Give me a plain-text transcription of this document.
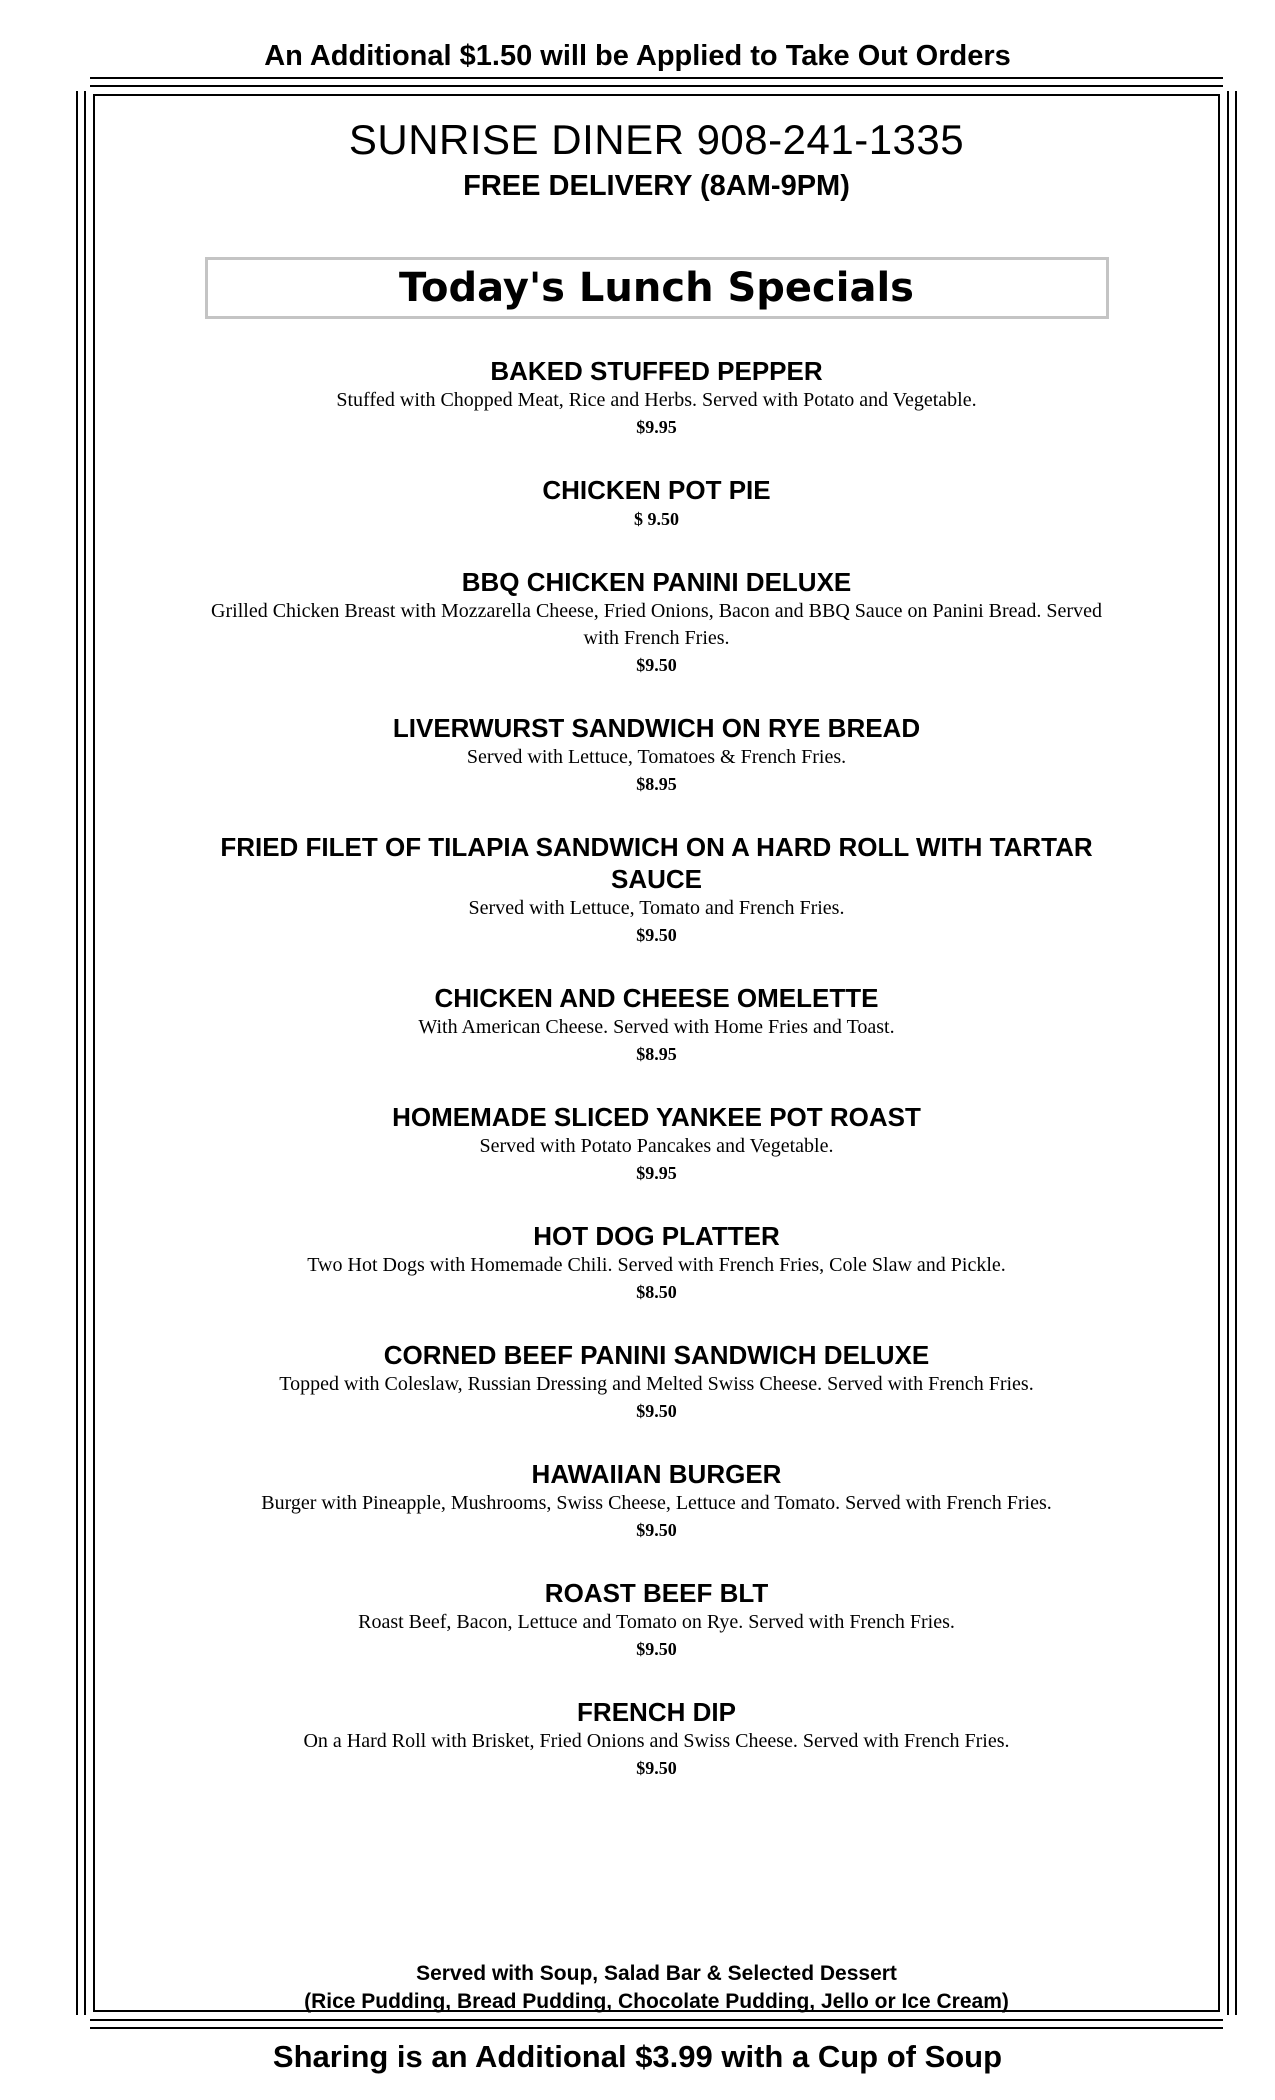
An Additional $1.50 will be Applied to Take Out Orders
SUNRISE DINER 908-241-1335
FREE DELIVERY (8AM-9PM)
Today's Lunch Specials
BAKED STUFFED PEPPER
Stuffed with Chopped Meat, Rice and Herbs. Served with Potato and Vegetable.
$9.95
CHICKEN POT PIE
$ 9.50
BBQ CHICKEN PANINI DELUXE
Grilled Chicken Breast with Mozzarella Cheese, Fried Onions, Bacon and BBQ Sauce on Panini Bread. Served with French Fries.
$9.50
LIVERWURST SANDWICH ON RYE BREAD
Served with Lettuce, Tomatoes & French Fries.
$8.95
FRIED FILET OF TILAPIA SANDWICH ON A HARD ROLL WITH TARTAR SAUCE
Served with Lettuce, Tomato and French Fries.
$9.50
CHICKEN AND CHEESE OMELETTE
With American Cheese. Served with Home Fries and Toast.
$8.95
HOMEMADE SLICED YANKEE POT ROAST
Served with Potato Pancakes and Vegetable.
$9.95
HOT DOG PLATTER
Two Hot Dogs with Homemade Chili. Served with French Fries, Cole Slaw and Pickle.
$8.50
CORNED BEEF PANINI SANDWICH DELUXE
Topped with Coleslaw, Russian Dressing and Melted Swiss Cheese. Served with French Fries.
$9.50
HAWAIIAN BURGER
Burger with Pineapple, Mushrooms, Swiss Cheese, Lettuce and Tomato. Served with French Fries.
$9.50
ROAST BEEF BLT
Roast Beef, Bacon, Lettuce and Tomato on Rye. Served with French Fries.
$9.50
FRENCH DIP
On a Hard Roll with Brisket, Fried Onions and Swiss Cheese. Served with French Fries.
$9.50
Served with Soup, Salad Bar & Selected Dessert
(Rice Pudding, Bread Pudding, Chocolate Pudding, Jello or Ice Cream)
Sharing is an Additional $3.99 with a Cup of Soup
